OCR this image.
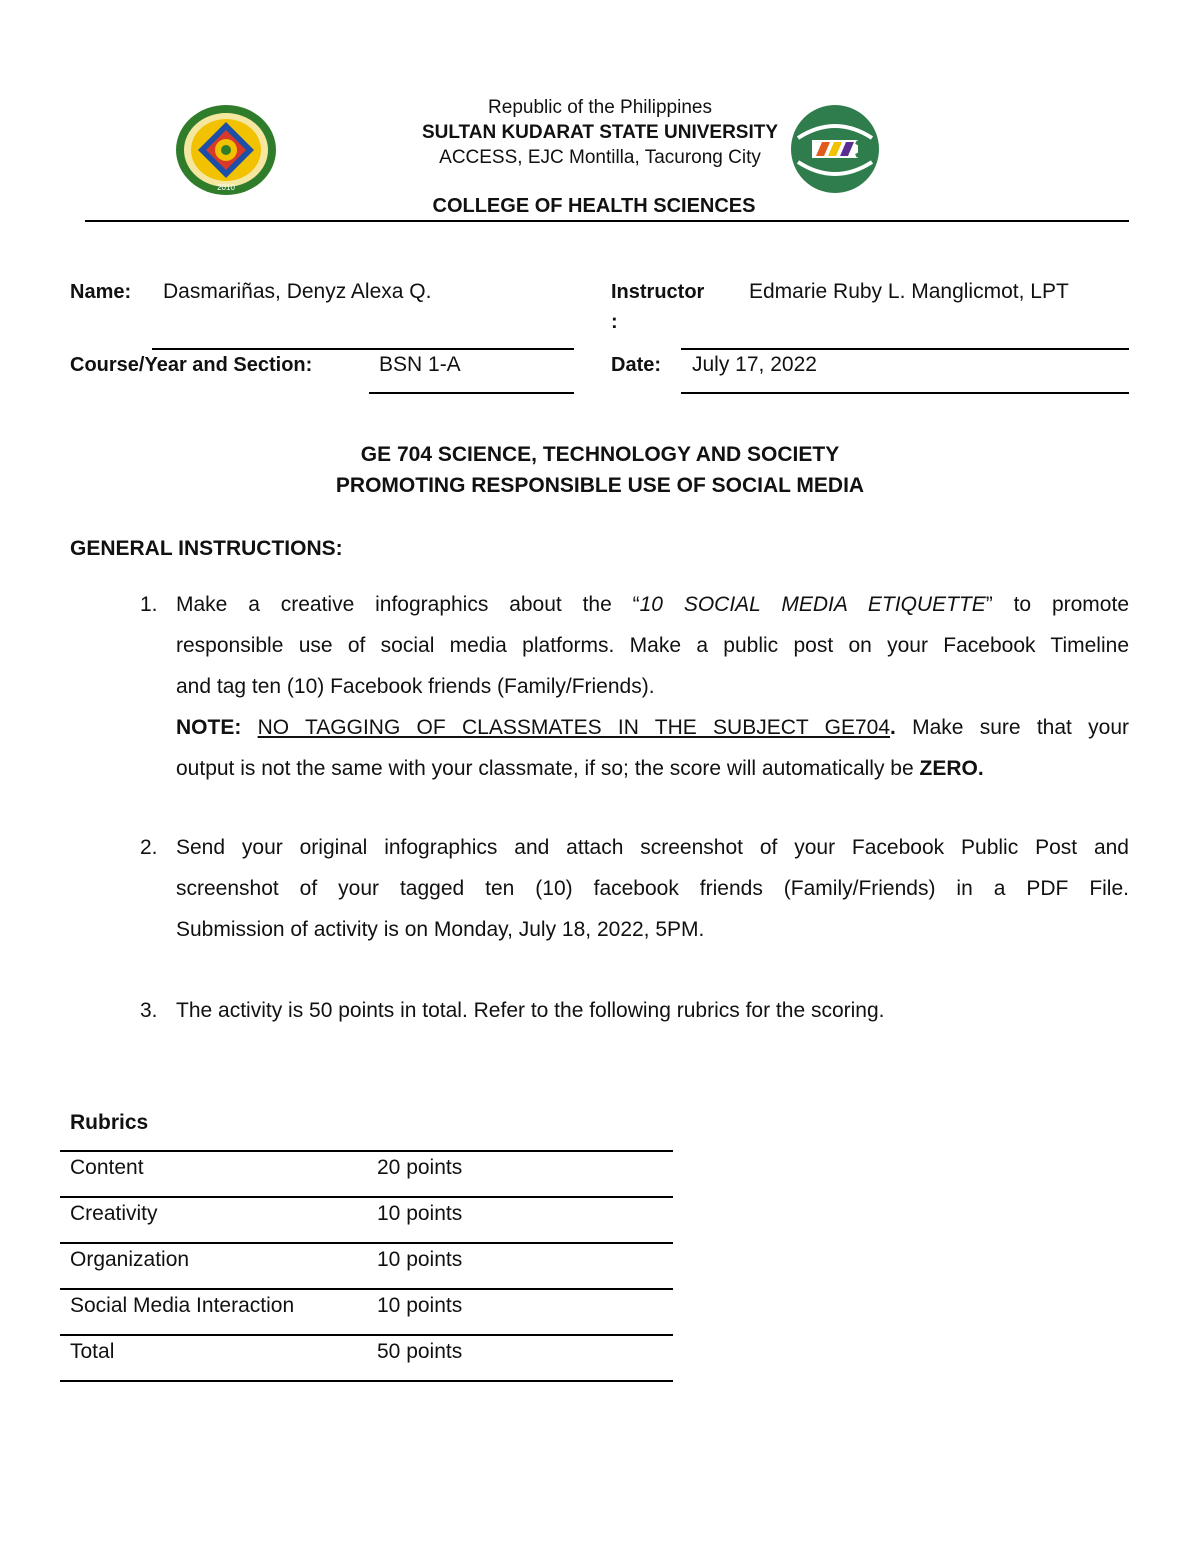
2010
Republic of the Philippines
SULTAN KUDARAT STATE UNIVERSITY
ACCESS, EJC Montilla, Tacurong City
COLLEGE OF HEALTH SCIENCES
Name: Dasmariñas, Denyz Alexa Q.	Instructor
:
Edmarie Ruby L. Manglicmot, LPT
Course/Year and Section:	BSN 1-A	Date: July 17, 2022
GE 704 SCIENCE, TECHNOLOGY AND SOCIETY
PROMOTING RESPONSIBLE USE OF SOCIAL MEDIA
GENERAL INSTRUCTIONS:
1. Make a creative infographics about the “10 SOCIAL MEDIA ETIQUETTE” to promote
responsible use of social media platforms. Make a public post on your Facebook Timeline
and tag ten (10) Facebook friends (Family/Friends).
NOTE: NO TAGGING OF CLASSMATES IN THE SUBJECT GE704. Make sure that your
output is not the same with your classmate, if so; the score will automatically be ZERO.
2. Send your original infographics and attach screenshot of your Facebook Public Post and
screenshot of your tagged ten (10) facebook friends (Family/Friends) in a PDF File.
Submission of activity is on Monday, July 18, 2022, 5PM.
3. The activity is 50 points in total. Refer to the following rubrics for the scoring.
Rubrics
Content	20 points
Creativity	10 points
Organization	10 points
Social Media Interaction	10 points
Total	50 points
